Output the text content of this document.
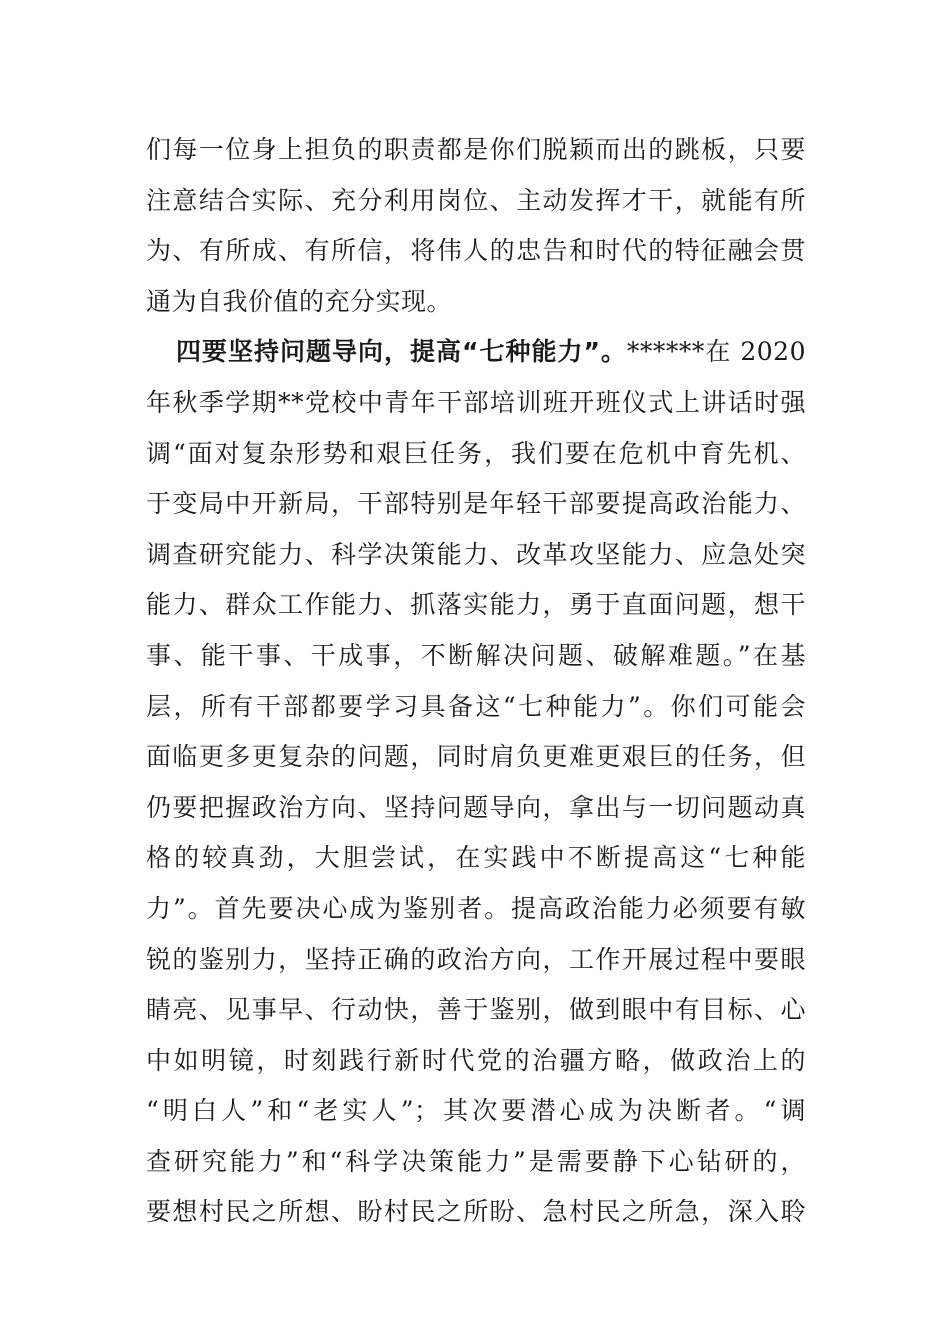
们每一位身上担负的职责都是你们脱颖而出的跳板，只要
注意结合实际、充分利用岗位、主动发挥才干，就能有所
为、有所成、有所信，将伟人的忠告和时代的特征融会贯
通为自我价值的充分实现。
四要坚持问题导向，提高“七种能力”。******在 2020
年秋季学期**党校中青年干部培训班开班仪式上讲话时强
调“面对复杂形势和艰巨任务，我们要在危机中育先机、
于变局中开新局，干部特别是年轻干部要提高政治能力、
调查研究能力、科学决策能力、改革攻坚能力、应急处突
能力、群众工作能力、抓落实能力，勇于直面问题，想干
事、能干事、干成事，不断解决问题、破解难题。”在基
层，所有干部都要学习具备这“七种能力”。你们可能会
面临更多更复杂的问题，同时肩负更难更艰巨的任务，但
仍要把握政治方向、坚持问题导向，拿出与一切问题动真
格的较真劲，大胆尝试，在实践中不断提高这“七种能
力”。首先要决心成为鉴别者。提高政治能力必须要有敏
锐的鉴别力，坚持正确的政治方向，工作开展过程中要眼
睛亮、见事早、行动快，善于鉴别，做到眼中有目标、心
中如明镜，时刻践行新时代党的治疆方略，做政治上的
“明白人”和“老实人”；其次要潜心成为决断者。“调
查研究能力”和“科学决策能力”是需要静下心钻研的，
要想村民之所想、盼村民之所盼、急村民之所急，深入聆
